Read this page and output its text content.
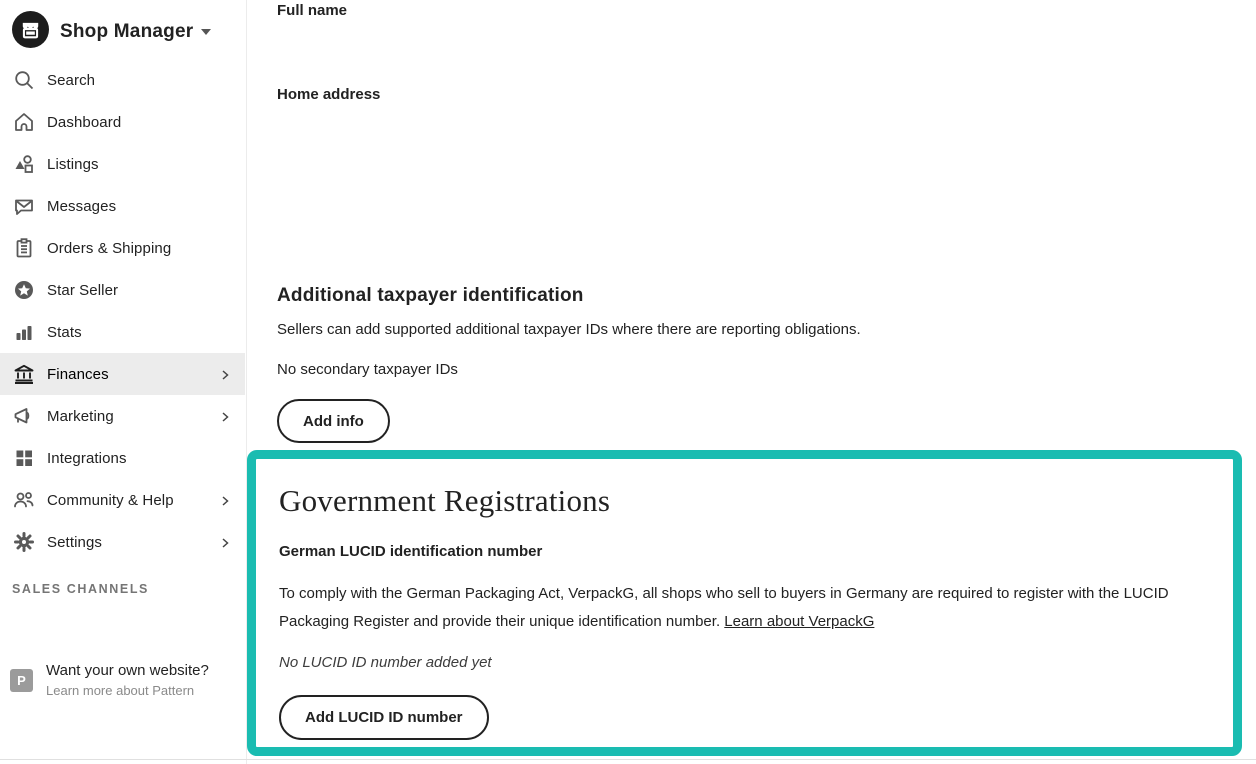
Shop Manager
Search
Dashboard
Listings
Messages
Orders & Shipping
Star Seller
Stats
Finances
Marketing
Integrations
Community & Help
Settings
SALES CHANNELS
P
Want your own website?
Learn more about Pattern
Full name
Home address
Additional taxpayer identification
Sellers can add supported additional taxpayer IDs where there are reporting obligations.
No secondary taxpayer IDs
Add info
Government Registrations
German LUCID identification number
To comply with the German Packaging Act, VerpackG, all shops who sell to buyers in Germany are required to register with the LUCID Packaging Register and provide their unique identification number. Learn about VerpackG
No LUCID ID number added yet
Add LUCID ID number
